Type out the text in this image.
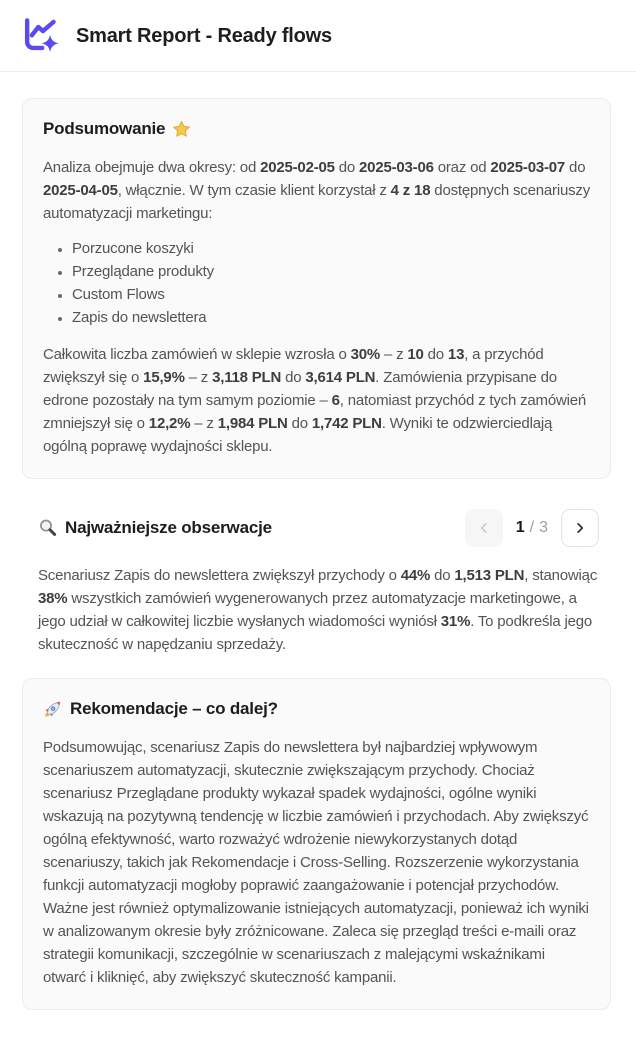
Smart Report - Ready flows
Podsumowanie

Analiza obejmuje dwa okresy: od 2025-02-05 do 2025-03-06 oraz od 2025-03-07 do 2025-04-05, włącznie. W tym czasie klient korzystał z 4 z 18 dostępnych scenariuszy automatyzacji marketingu:

• Porzucone koszyki
• Przeglądane produkty
• Custom Flows
• Zapis do newslettera

Całkowita liczba zamówień w sklepie wzrosła o 30% – z 10 do 13, a przychód zwiększył się o 15,9% – z 3,118 PLN do 3,614 PLN. Zamówienia przypisane do edrone pozostały na tym samym poziomie – 6, natomiast przychód z tych zamówień zmniejszył się o 12,2% – z 1,984 PLN do 1,742 PLN. Wyniki te odzwierciedlają ogólną poprawę wydajności sklepu.

Najważniejsze obserwacje	1 / 3

Scenariusz Zapis do newslettera zwiększył przychody o 44% do 1,513 PLN, stanowiąc 38% wszystkich zamówień wygenerowanych przez automatyzacje marketingowe, a jego udział w całkowitej liczbie wysłanych wiadomości wyniósł 31%. To podkreśla jego skuteczność w napędzaniu sprzedaży.

Rekomendacje – co dalej?

Podsumowując, scenariusz Zapis do newslettera był najbardziej wpływowym scenariuszem automatyzacji, skutecznie zwiększającym przychody. Chociaż scenariusz Przeglądane produkty wykazał spadek wydajności, ogólne wyniki wskazują na pozytywną tendencję w liczbie zamówień i przychodach. Aby zwiększyć ogólną efektywność, warto rozważyć wdrożenie niewykorzystanych dotąd scenariuszy, takich jak Rekomendacje i Cross-Selling. Rozszerzenie wykorzystania funkcji automatyzacji mogłoby poprawić zaangażowanie i potencjał przychodów. Ważne jest również optymalizowanie istniejących automatyzacji, ponieważ ich wyniki w analizowanym okresie były zróżnicowane. Zaleca się przegląd treści e-maili oraz strategii komunikacji, szczególnie w scenariuszach z malejącymi wskaźnikami otwarć i kliknięć, aby zwiększyć skuteczność kampanii.
